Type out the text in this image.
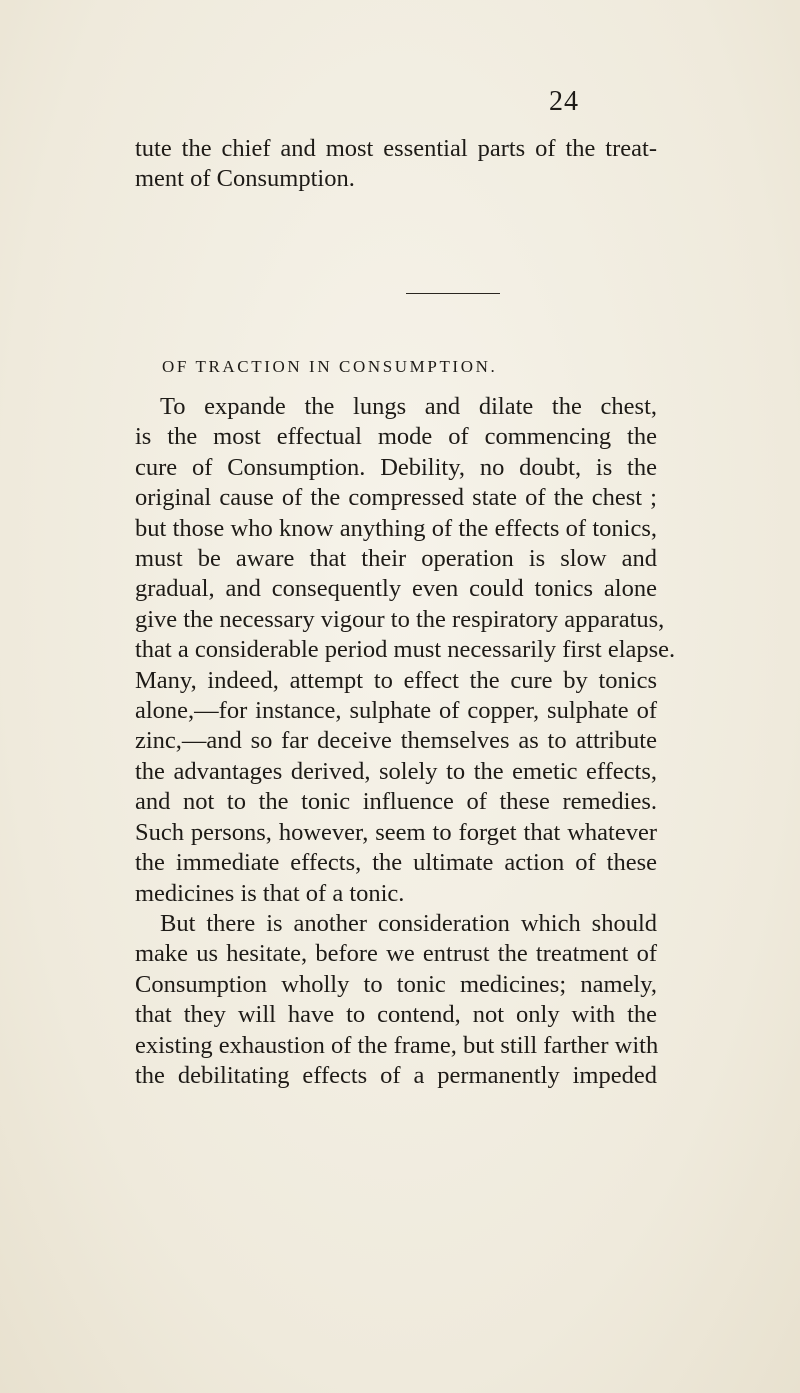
24
tute the chief and most essential parts of the treat-
ment of Consumption.
OF TRACTION IN CONSUMPTION.
To expande the lungs and dilate the chest,
is the most effectual mode of commencing the
cure of Consumption. Debility, no doubt, is the
original cause of the compressed state of the chest ;
but those who know anything of the effects of tonics,
must be aware that their operation is slow and
gradual, and consequently even could tonics alone
give the necessary vigour to the respiratory apparatus,
that a considerable period must necessarily first elapse.
Many, indeed, attempt to effect the cure by tonics
alone,—for instance, sulphate of copper, sulphate of
zinc,—and so far deceive themselves as to attribute
the advantages derived, solely to the emetic effects,
and not to the tonic influence of these remedies.
Such persons, however, seem to forget that whatever
the immediate effects, the ultimate action of these
medicines is that of a tonic.
But there is another consideration which should
make us hesitate, before we entrust the treatment of
Consumption wholly to tonic medicines; namely,
that they will have to contend, not only with the
existing exhaustion of the frame, but still farther with
the debilitating effects of a permanently impeded
